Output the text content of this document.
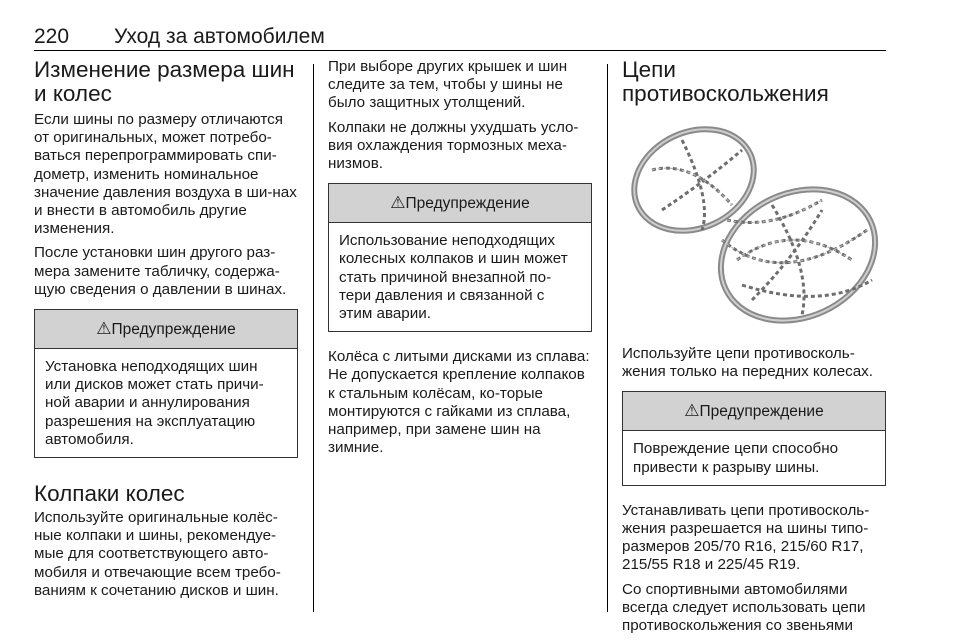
220 Уход за автомобилем
Изменение размера шин и колес

Если шины по размеру отличаются от оригинальных, может потребо-ваться перепрограммировать спи-дометр, изменить номинальное значение давления воздуха в ши-нах и внести в автомобиль другие изменения.

После установки шин другого раз-мера замените табличку, содержа-щую сведения о давлении в шинах.

⚠Предупреждение
Установка неподходящих шин или дисков может стать причи-ной аварии и аннулирования разрешения на эксплуатацию автомобиля.
Колпаки колес

Используйте оригинальные колёс-ные колпаки и шины, рекомендуе-мые для соответствующего авто-мобиля и отвечающие всем требо-ваниям к сочетанию дисков и шин.

При выборе других крышек и шин следите за тем, чтобы у шины не было защитных утолщений.

Колпаки не должны ухудшать усло-вия охлаждения тормозных меха-низмов.

⚠Предупреждение
Использование неподходящих колесных колпаков и шин может стать причиной внезапной по-тери давления и связанной с этим аварии.

Колёса с литыми дисками из сплава: Не допускается крепление колпаков к стальным колёсам, ко-торые монтируются с гайками из сплава, например, при замене шин на зимние.

Цепи противоскольжения

Используйте цепи противосколь-жения только на передних колесах.

⚠Предупреждение
Повреждение цепи способно привести к разрыву шины.

Устанавливать цепи противосколь-жения разрешается на шины типо-размеров 205/70 R16, 215/60 R17, 215/55 R18 и 225/45 R19.

Со спортивными автомобилями всегда следует использовать цепи противоскольжения со звеньями
